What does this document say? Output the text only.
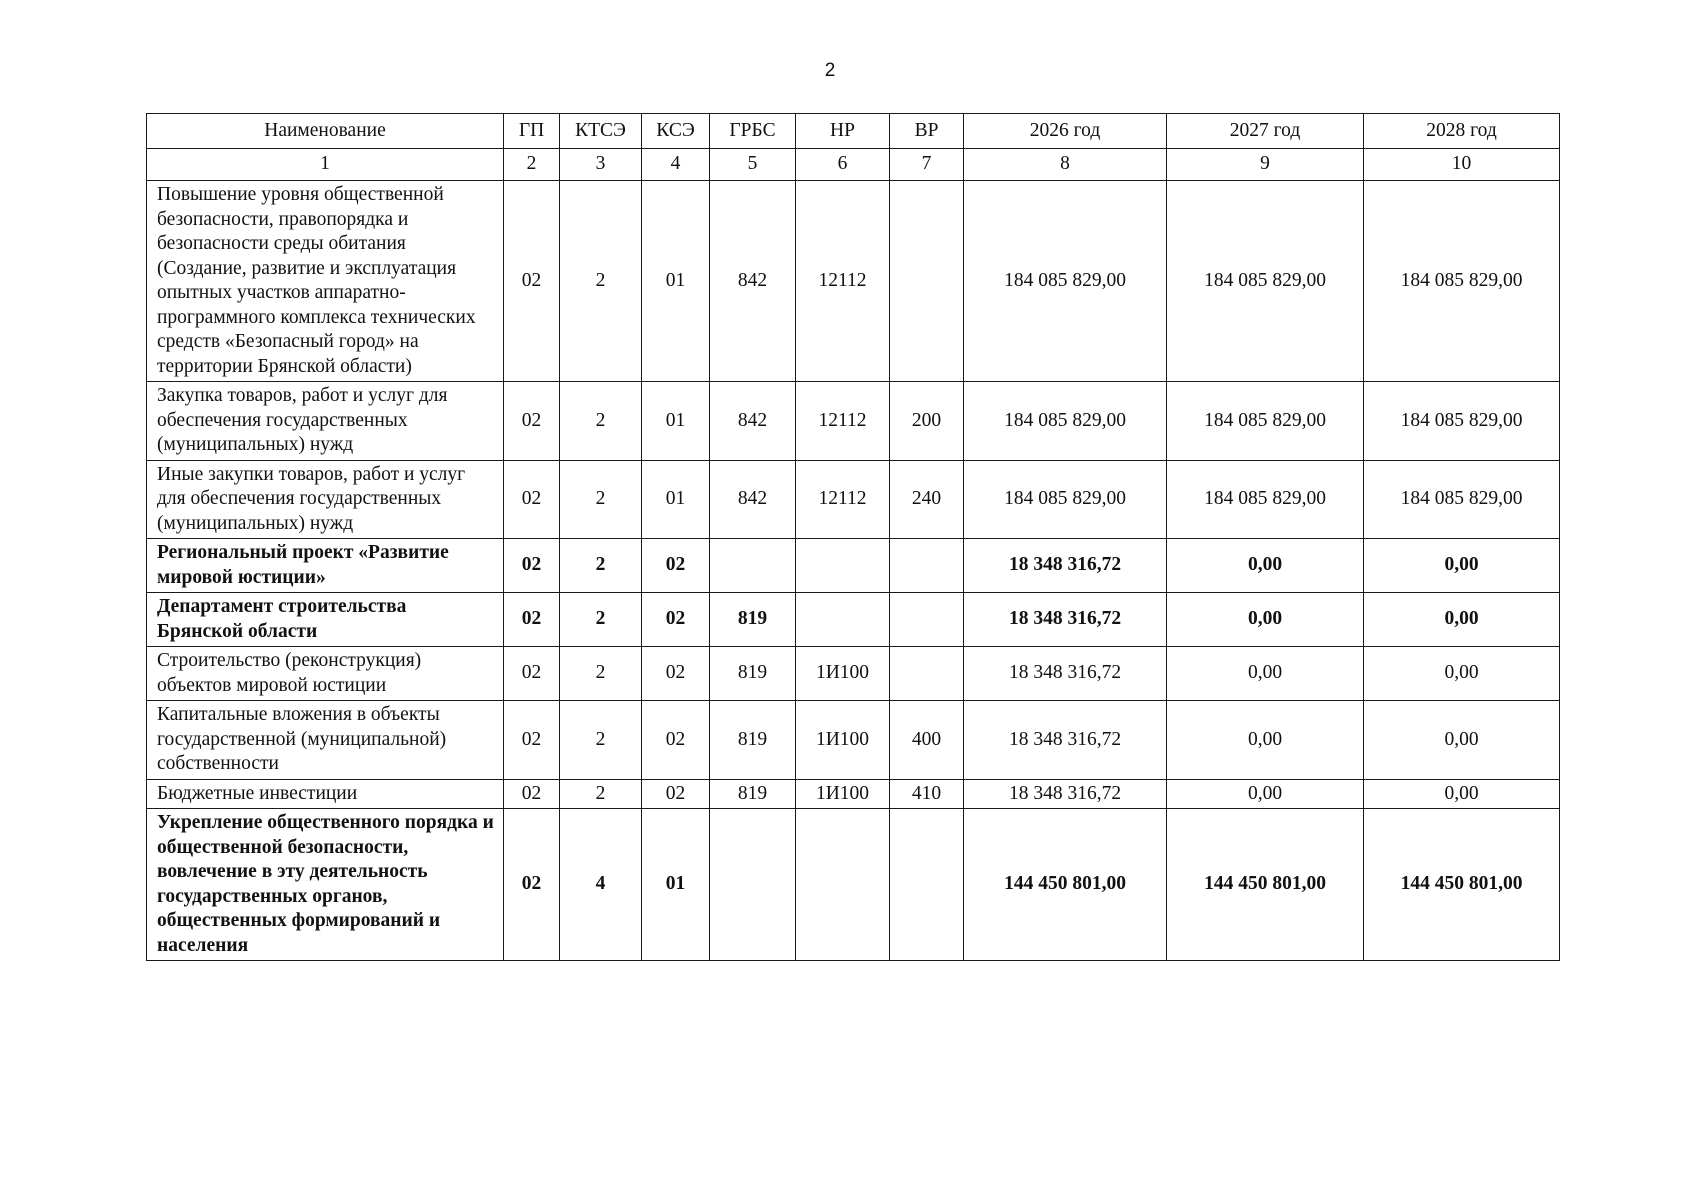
2
Наименование	ГП	КТСЭ	КСЭ	ГРБС	НР	ВР	2026 год	2027 год	2028 год
1	2	3	4	5	6	7	8	9	10
Повышение уровня общественной безопасности, правопорядка и безопасности среды обитания (Создание, развитие и эксплуатация опытных участков аппаратно-программного комплекса технических средств «Безопасный город» на территории Брянской области)	02	2	01	842	12112		184 085 829,00	184 085 829,00	184 085 829,00
Закупка товаров, работ и услуг для обеспечения государственных (муниципальных) нужд	02	2	01	842	12112	200	184 085 829,00	184 085 829,00	184 085 829,00
Иные закупки товаров, работ и услуг для обеспечения государственных (муниципальных) нужд	02	2	01	842	12112	240	184 085 829,00	184 085 829,00	184 085 829,00
Региональный проект «Развитие мировой юстиции»	02	2	02				18 348 316,72	0,00	0,00
Департамент строительства Брянской области	02	2	02	819			18 348 316,72	0,00	0,00
Строительство (реконструкция) объектов мировой юстиции	02	2	02	819	1И100		18 348 316,72	0,00	0,00
Капитальные вложения в объекты государственной (муниципальной) собственности	02	2	02	819	1И100	400	18 348 316,72	0,00	0,00
Бюджетные инвестиции	02	2	02	819	1И100	410	18 348 316,72	0,00	0,00
Укрепление общественного порядка и общественной безопасности, вовлечение в эту деятельность государственных органов, общественных формирований и населения	02	4	01				144 450 801,00	144 450 801,00	144 450 801,00
